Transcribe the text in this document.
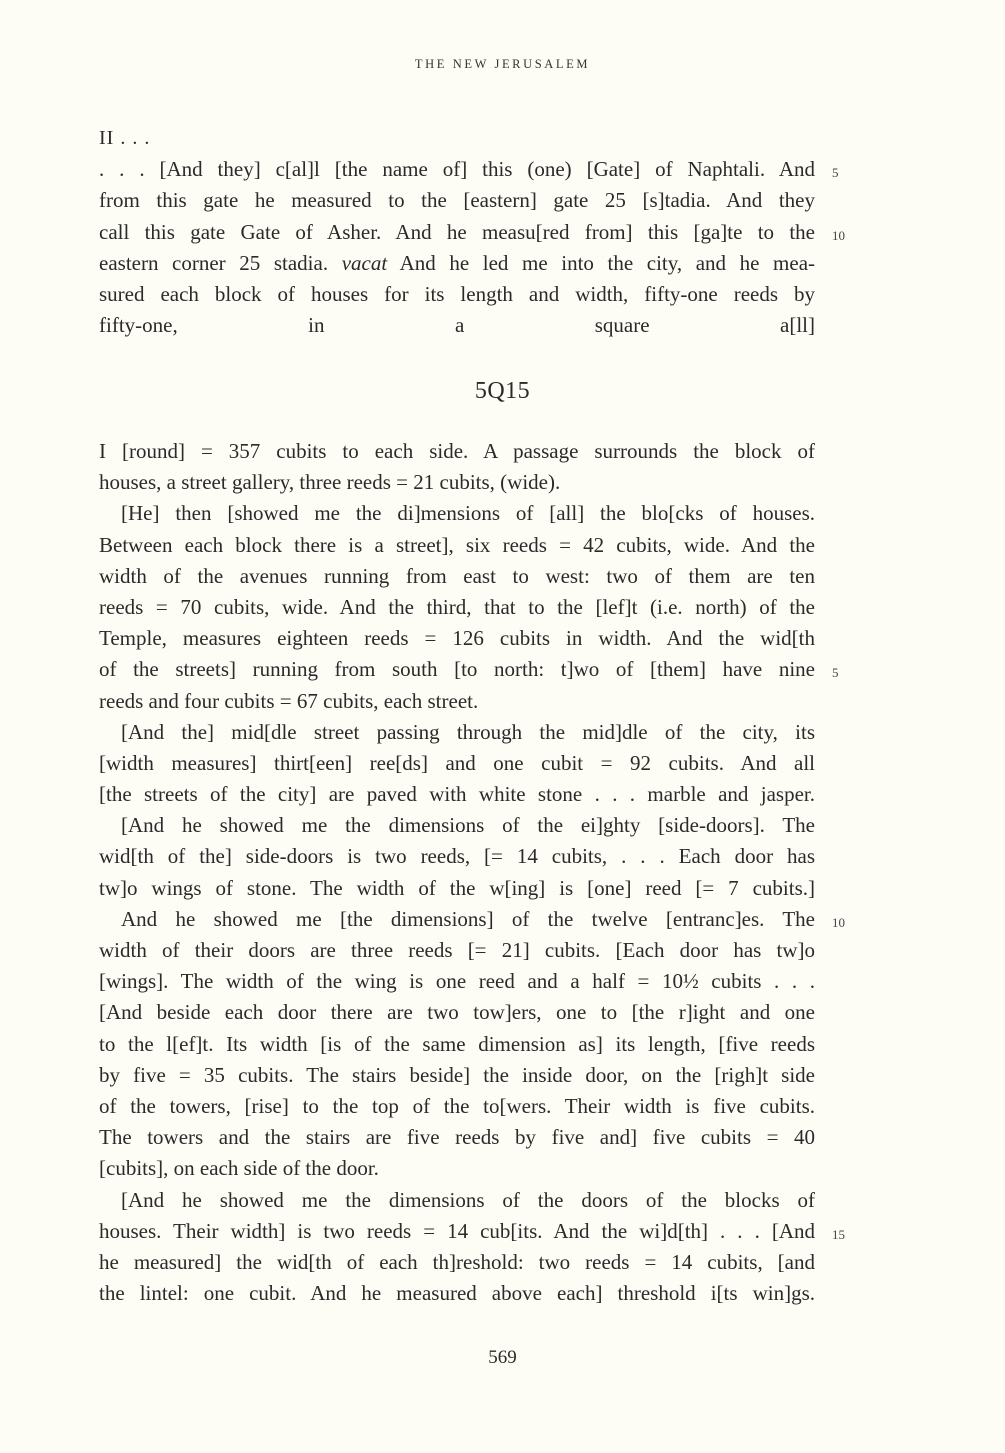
THE NEW JERUSALEM
II . . .
. . . [And they] c[al]l [the name of] this (one) [Gate] of Naphtali. And 5
from this gate he measured to the [eastern] gate 25 [s]tadia. And they
call this gate Gate of Asher. And he measu[red from] this [ga]te to the 10
eastern corner 25 stadia. vacat And he led me into the city, and he mea-
sured each block of houses for its length and width, fifty-one reeds by
fifty-one, in a square a[ll]
5Q15
I [round] = 357 cubits to each side. A passage surrounds the block of
houses, a street gallery, three reeds = 21 cubits, (wide).
[He] then [showed me the di]mensions of [all] the blo[cks of houses.
Between each block there is a street], six reeds = 42 cubits, wide. And the
width of the avenues running from east to west: two of them are ten
reeds = 70 cubits, wide. And the third, that to the [lef]t (i.e. north) of the
Temple, measures eighteen reeds = 126 cubits in width. And the wid[th
of the streets] running from south [to north: t]wo of [them] have nine 5
reeds and four cubits = 67 cubits, each street.
[And the] mid[dle street passing through the mid]dle of the city, its
[width measures] thirt[een] ree[ds] and one cubit = 92 cubits. And all
[the streets of the city] are paved with white stone . . . marble and jasper.
[And he showed me the dimensions of the ei]ghty [side-doors]. The
wid[th of the] side-doors is two reeds, [= 14 cubits, . . . Each door has
tw]o wings of stone. The width of the w[ing] is [one] reed [= 7 cubits.]
And he showed me [the dimensions] of the twelve [entranc]es. The 10
width of their doors are three reeds [= 21] cubits. [Each door has tw]o
[wings]. The width of the wing is one reed and a half = 10½ cubits . . .
[And beside each door there are two tow]ers, one to [the r]ight and one
to the l[ef]t. Its width [is of the same dimension as] its length, [five reeds
by five = 35 cubits. The stairs beside] the inside door, on the [righ]t side
of the towers, [rise] to the top of the to[wers. Their width is five cubits.
The towers and the stairs are five reeds by five and] five cubits = 40
[cubits], on each side of the door.
[And he showed me the dimensions of the doors of the blocks of
houses. Their width] is two reeds = 14 cub[its. And the wi]d[th] . . . [And 15
he measured] the wid[th of each th]reshold: two reeds = 14 cubits, [and
the lintel: one cubit. And he measured above each] threshold i[ts win]gs.
569
